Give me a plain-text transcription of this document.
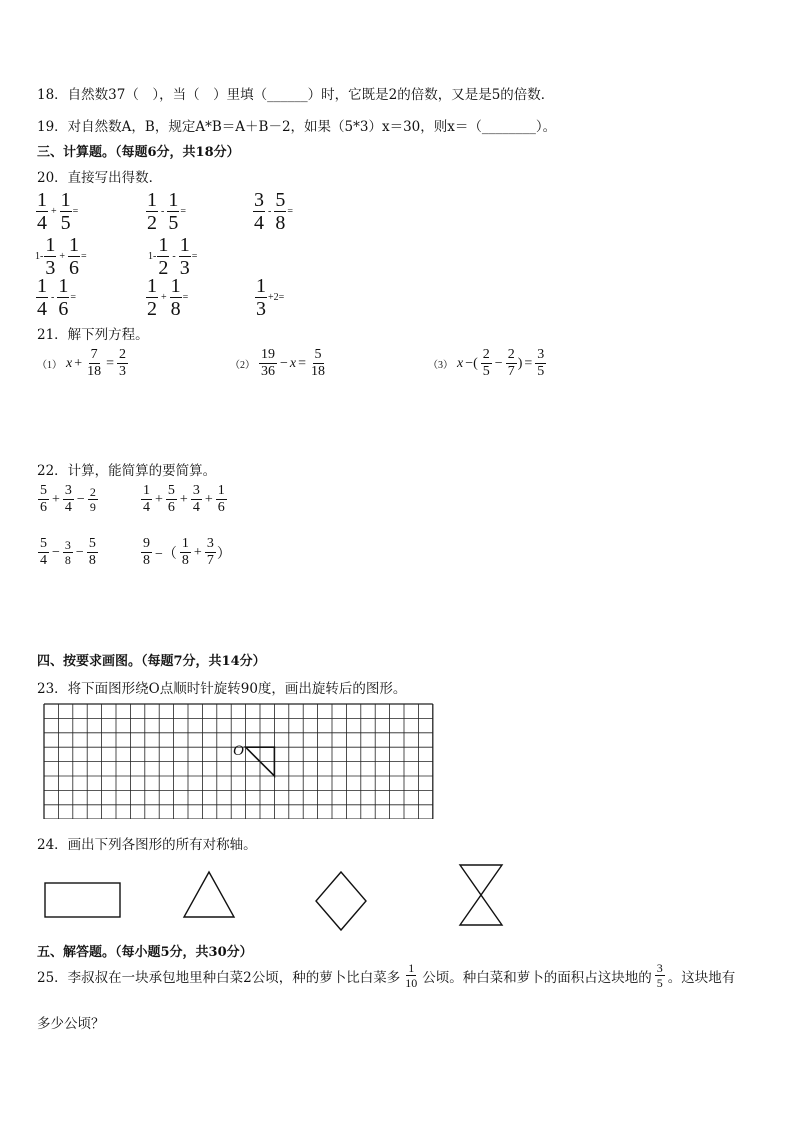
18．自然数37（　），当（　）里填（______）时，它既是2的倍数，又是是5的倍数．
19．对自然数A，B，规定A*B＝A＋B－2，如果（5*3）x＝30，则x＝（________）。
三、计算题。（每题6分，共18分）
20．直接写出得数．
$\frac{1}{4} + \frac{1}{5}$ =	$\frac{1}{2} - \frac{1}{5}$ =	$\frac{3}{4} - \frac{5}{8}$ =
$1- \frac{1}{3} + \frac{1}{6}$ =	$1- \frac{1}{2} - \frac{1}{3}$ =
$\frac{1}{4} - \frac{1}{6}$ =	$\frac{1}{2} + \frac{1}{8}$ =	$\frac{1}{3} +2=$
21．解下列方程。
（1） $x + \frac{7}{18} = \frac{2}{3}$	$(2) \frac{19}{36} - x = \frac{5}{18}$	（3） x −( $\frac{2}{5} - \frac{2}{7}$ ) = $\frac{3}{5}$
22．计算，能简算的要简算。
$\frac{5}{6} + \frac{3}{4} - \frac{2}{9}$	$\frac{1}{4} + \frac{5}{6} + \frac{3}{4} + \frac{1}{6}$
$\frac{5}{4} - \frac{3}{8} - \frac{5}{8}$	$\frac{9}{8}$ −（ $\frac{1}{8} + \frac{3}{7}$ ）
四、按要求画图。（每题7分，共14分）
23．将下面图形绕O点顺时针旋转90度，画出旋转后的图形。
O
24．画出下列各图形的所有对称轴。
五、解答题。（每小题5分，共30分）
25．李叔叔在一块承包地里种白菜2公顷，种的萝卜比白菜多 $\frac{1}{10}$ 公顷。种白菜和萝卜的面积占这块地的 $\frac{3}{5}$ 。这块地有
多少公顷？
